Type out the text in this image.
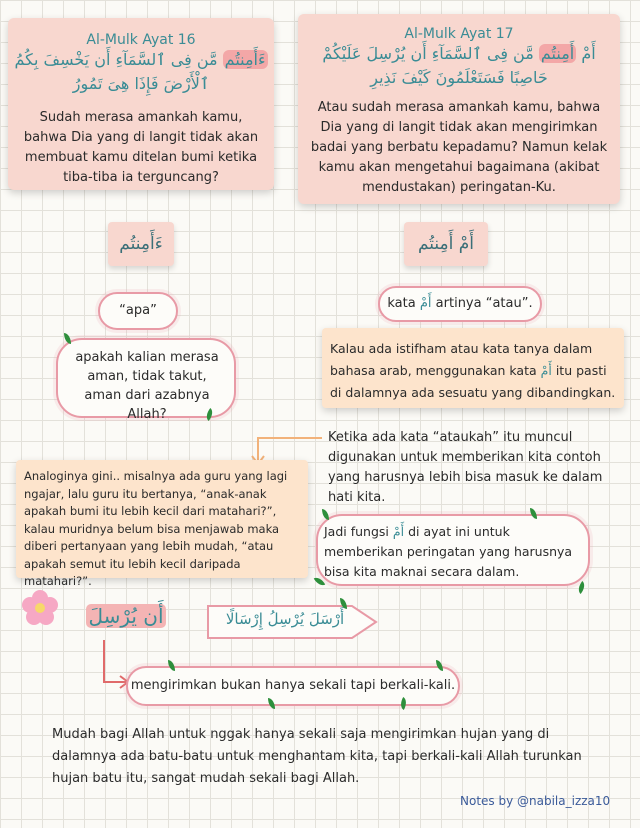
Al-Mulk Ayat 16
ءَأَمِنتُم مَّن فِى ٱلسَّمَآءِ أَن يَخْسِفَ بِكُمُ
ٱلْأَرْضَ فَإِذَا هِىَ تَمُورُ
Sudah merasa amankah kamu, bahwa Dia yang di langit tidak akan membuat kamu ditelan bumi ketika tiba-tiba ia terguncang?
Al-Mulk Ayat 17
أَمْ أَمِنتُم مَّن فِى ٱلسَّمَآءِ أَن يُرْسِلَ عَلَيْكُمْ
حَاصِبًا فَسَتَعْلَمُونَ كَيْفَ نَذِيرِ
Atau sudah merasa amankah kamu, bahwa Dia yang di langit tidak akan mengirimkan badai yang berbatu kepadamu? Namun kelak kamu akan mengetahui bagaimana (akibat mendustakan) peringatan-Ku.
ءَأَمِنتُم	أَمْ أَمِنتُم
“apa”
apakah kalian merasa aman, tidak takut, aman dari azabnya Allah?
kata أَمْ artinya “atau”.
Kalau ada istifham atau kata tanya dalam bahasa arab, menggunakan kata أَمْ itu pasti di dalamnya ada sesuatu yang dibandingkan.
Ketika ada kata “ataukah” itu muncul digunakan untuk memberikan kita contoh yang harusnya lebih bisa masuk ke dalam hati kita.
Analoginya gini.. misalnya ada guru yang lagi ngajar, lalu guru itu bertanya, “anak-anak apakah bumi itu lebih kecil dari matahari?”, kalau muridnya belum bisa menjawab maka diberi pertanyaan yang lebih mudah, “atau apakah semut itu lebih kecil daripada matahari?”.
Jadi fungsi أَمْ di ayat ini untuk memberikan peringatan yang harusnya bisa kita maknai secara dalam.
أَن يُرْسِلَ	أَرْسَلَ يُرْسِلُ إِرْسَالًا
mengirimkan bukan hanya sekali tapi berkali-kali.
Mudah bagi Allah untuk nggak hanya sekali saja mengirimkan hujan yang di dalamnya ada batu-batu untuk menghantam kita, tapi berkali-kali Allah turunkan hujan batu itu, sangat mudah sekali bagi Allah.
Notes by @nabila_izza10
